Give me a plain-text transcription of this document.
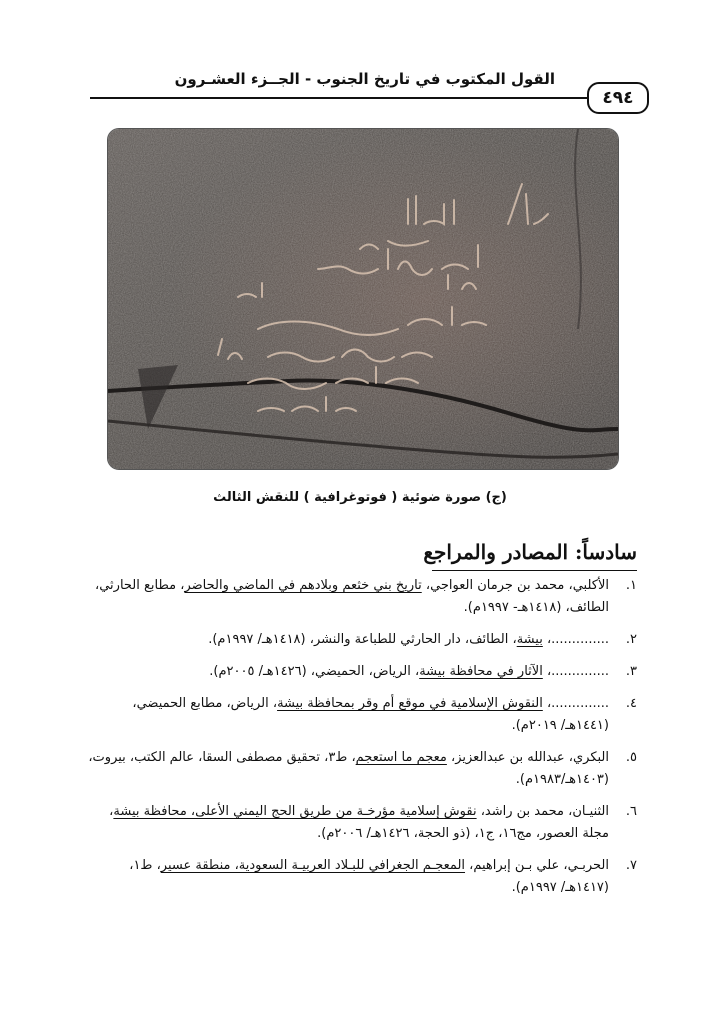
القول المكتوب في تاريخ الجنوب - الجــزء العشـرون
٤٩٤
(ج) صورة ضوئية ( فوتوغرافية ) للنقش الثالث
سادساً: المصادر والمراجع
١.
الأكلبي، محمد بن جرمان العواجي، تاريخ بني خثعم وبلادهم في الماضي والحاضر، مطابع الحارثي، الطائف، (١٤١٨هـ- ١٩٩٧م).
٢.
..............، بيشة، الطائف، دار الحارثي للطباعة والنشر، (١٤١٨هـ/ ١٩٩٧م).
٣.
..............، الآثار في محافظة بيشة، الرياض، الحميضي، (١٤٢٦هـ/ ٢٠٠٥م).
٤.
..............، النقوش الإسلامية في موقع أم وقر بمحافظة بيشة، الرياض، مطابع الحميضي، (١٤٤١هـ/ ٢٠١٩م).
٥.
البكري، عبدالله بن عبدالعزيز، معجم ما استعجم، ط٣، تحقيق مصطفى السقا، عالم الكتب، بيروت، (١٤٠٣هـ/١٩٨٣م).
٦.
الثنيـان، محمد بن راشد، نقوش إسلامية مؤرخـة من طريق الحج اليمني الأعلى، محافظة بيشة، مجلة العصور، مج١٦، ج١، (ذو الحجة، ١٤٢٦هـ/ ٢٠٠٦م).
٧.
الحربـي، علي بـن إبراهيم، المعجـم الجغرافي للبـلاد العربيـة السعودية، منطقة عسير، ط١، (١٤١٧هـ/ ١٩٩٧م).
